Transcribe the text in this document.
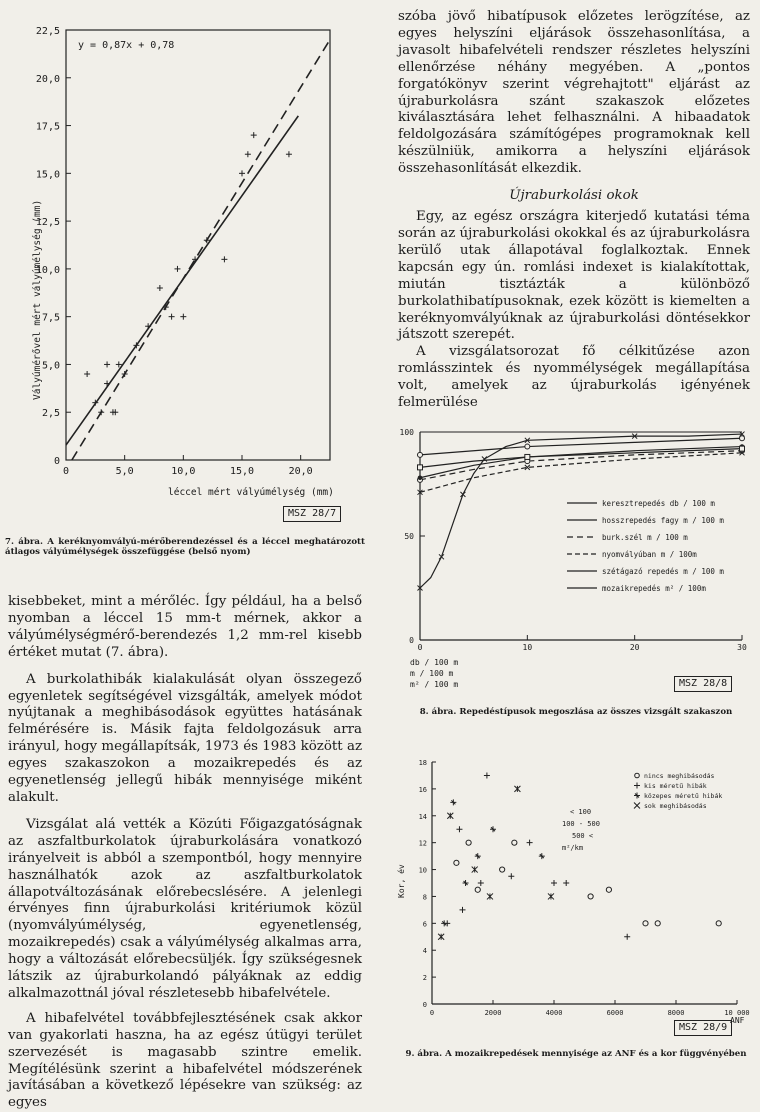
22,5
20,0
17,5
15,0
12,5
10,0
7,5
5,0
2,5
0
0	5,0	10,0	15,0	20,0
y = 0,87x + 0,78
Vályúmérővel mért vályúmélység (mm)
léccel mért vályúmélység (mm)
MSZ 28/7
7. ábra. A keréknyomvályú-mérőberendezéssel és a léccel meghatározott átlagos vályúmélységek összefüggése (belső nyom)

kisebbeket, mint a mérőléc. Így például, ha a belső nyomban a léccel 15 mm-t mérnek, akkor a vályúmélységmérő-berendezés 1,2 mm-rel kisebb értéket mutat (7. ábra).

A burkolathibák kialakulását olyan összegező egyenletek segítségével vizsgálták, amelyek módot nyújtanak a meghibásodások együttes hatásának felmérésére is. Másik fajta feldolgozásuk arra irányul, hogy megállapítsák, 1973 és 1983 között az egyes szakaszokon a mozaikrepedés és az egyenetlenség jellegű hibák mennyisége miként alakult.

Vizsgálat alá vették a Közúti Főigazgatóságnak az aszfaltburkolatok újraburkolására vonatkozó irányelveit is abból a szempontból, hogy mennyire használhatók azok az aszfaltburkolatok állapotváltozásának előrebecslésére. A jelenlegi érvényes finn újraburkolási kritériumok közül (nyomvályúmélység, egyenetlenség, mozaikrepedés) csak a vályúmélység alkalmas arra, hogy a változását előrebecsüljék. Így szükségesnek látszik az újraburkolandó pályáknak az eddig alkalmazottnál jóval részletesebb hibafelvétele.

A hibafelvétel továbbfejlesztésének csak akkor van gyakorlati haszna, ha az egész útügyi terület szervezését is magasabb szintre emelik. Megítélésünk szerint a hibafelvétel módszerének javításában a következő lépésekre van szükség: az egyes

szóba jövő hibatípusok előzetes lerögzítése, az egyes helyszíni eljárások összehasonlítása, a javasolt hibafelvételi rendszer részletes helyszíni ellenőrzése néhány megyében. A „pontos forgatókönyv szerint végrehajtott" eljárást az újraburkolásra szánt szakaszok előzetes kiválasztására lehet felhasználni. A hibaadatok feldolgozására számítógépes programoknak kell készülniük, amikorra a helyszíni eljárások összehasonlítását elkezdik.

Újraburkolási okok

Egy, az egész országra kiterjedő kutatási téma során az újraburkolási okokkal és az újraburkolásra kerülő utak állapotával foglalkoztak. Ennek kapcsán egy ún. romlási indexet is kialakítottak, miután tisztázták a különböző burkolathibatípusoknak, ezek között is kiemelten a keréknyomvályúknak az újraburkolási döntésekkor játszott szerepét.

A vizsgálatsorozat fő célkitűzése azon romlásszintek és nyommélységek megállapítása volt, amelyek az újraburkolás igényének felmerülése

100
50
0
0	10	20	30
keresztrepedés db / 100 m
hosszrepedés fagy m / 100 m
burk.szél m / 100 m
nyomvályúban m / 100m
szétágazó repedés m / 100 m
mozaikrepedés m² / 100m
db / 100 m
m / 100 m
m² / 100 m	MSZ 28/8
8. ábra. Repedéstípusok megoszlása az összes vizsgált szakaszon
18
16
14
12
10
8
6
4
2
0
0	2000	4000	6000	8000	10 000
nincs meghibásodás
kis méretű hibák
közepes méretű hibák
sok meghibásodás
Kor, év
ANF
< 100
100 - 500
500 <
m²/km
MSZ 28/9
9. ábra. A mozaikrepedések mennyisége az ANF és a kor függvényében
